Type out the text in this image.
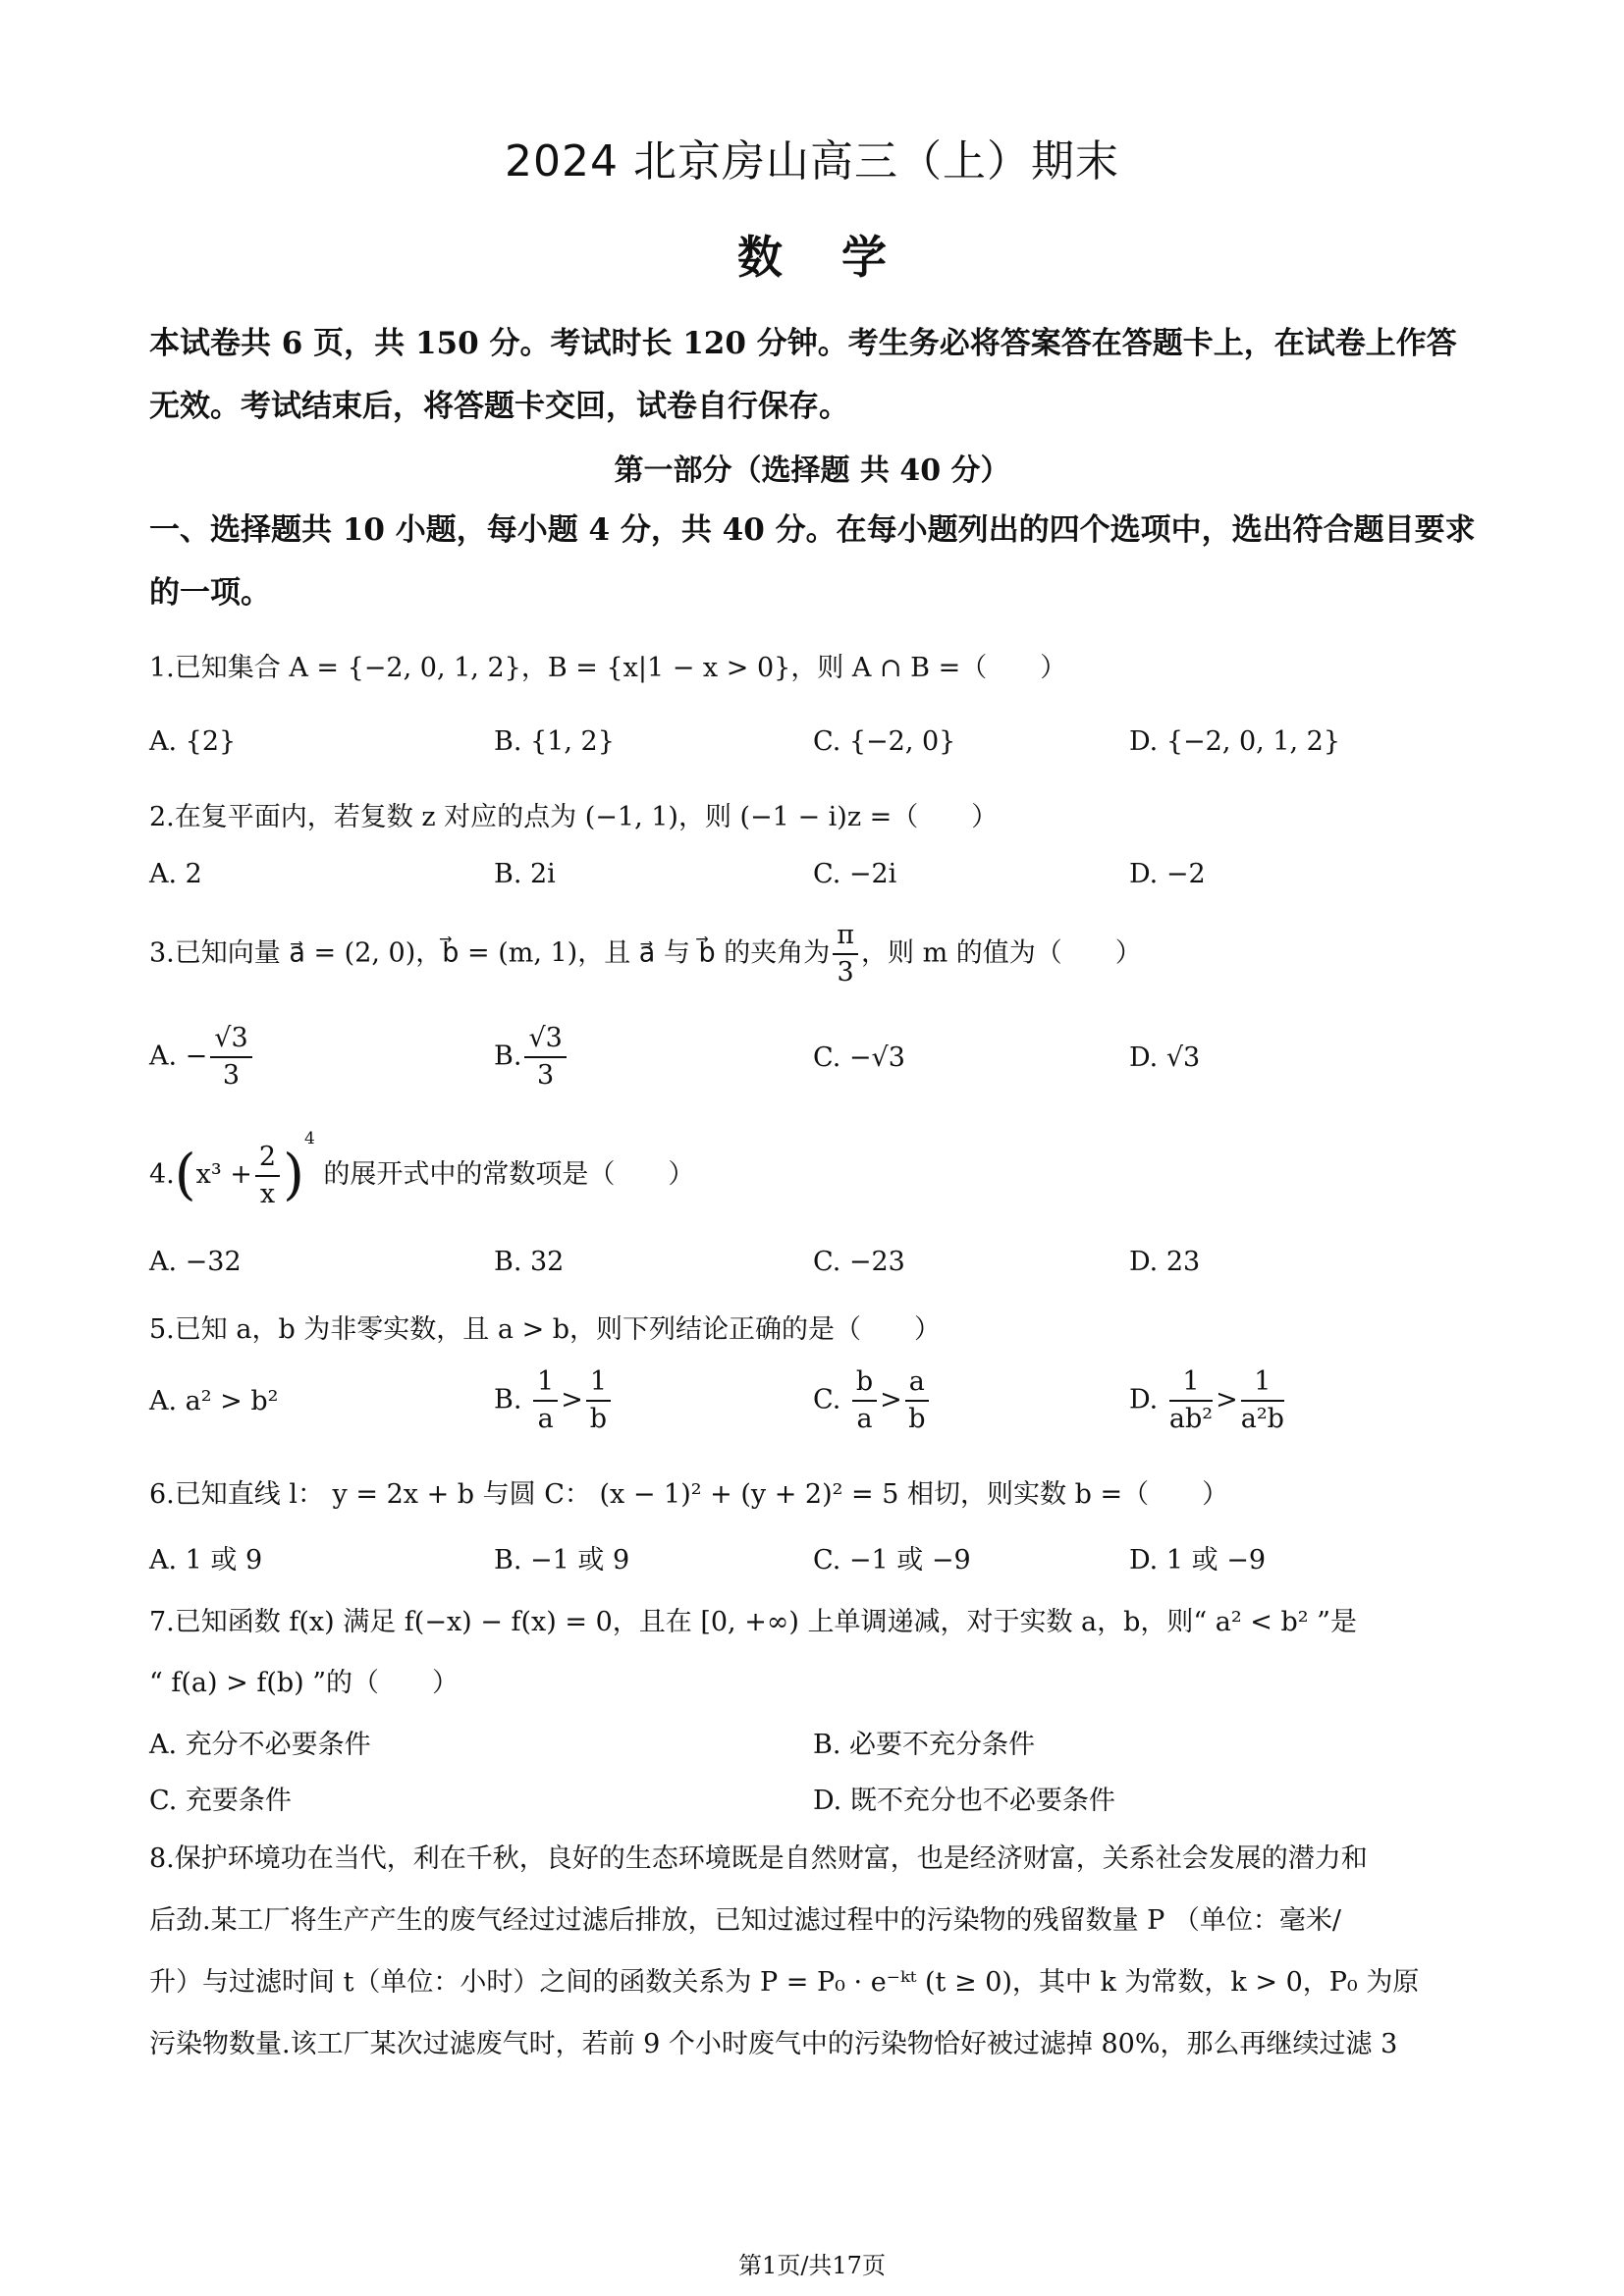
2024 北京房山高三（上）期末
数学
本试卷共 6 页，共 150 分。考试时长 120 分钟。考生务必将答案答在答题卡上，在试卷上作答无效。考试结束后，将答题卡交回，试卷自行保存。
第一部分（选择题 共 40 分）
一、选择题共 10 小题，每小题 4 分，共 40 分。在每小题列出的四个选项中，选出符合题目要求的一项。
1.已知集合 A = {−2, 0, 1, 2}，B = {x|1 − x > 0}，则 A ∩ B =（　　）
A. {2}	B. {1, 2}	C. {−2, 0}	D. {−2, 0, 1, 2}
2.在复平面内，若复数 z 对应的点为 (−1, 1)，则 (−1 − i)z =（　　）
A. 2	B. 2i	C. −2i	D. −2
3.已知向量 a⃗ = (2, 0)，b⃗ = (m, 1)，且 a⃗ 与 b⃗ 的夹角为 $\frac{\pi}{3}$ ，则 m 的值为（　　）
A. − $\frac{√3}{3}$	B. $\frac{√3}{3}$	C. −√3	D. √3
$4.(x^3 + \frac{2}{x} )^4$ 的展开式中的常数项是（　　）
A. −32	B. 32	C. −23	D. 23
5.已知 a，b 为非零实数，且 a > b，则下列结论正确的是（　　）
A. a² > b²	B. $\frac{1}{a} > \frac{1}{b}$	C. $\frac{b}{a} > \frac{a}{b}$	D. $\frac{1}{\text{ab²}} > \frac{1}{\text{a²b}}$
6.已知直线 l： y = 2x + b 与圆 C： (x − 1)² + (y + 2)² = 5 相切，则实数 b =（　　）
A. 1 或 9	B. −1 或 9	C. −1 或 −9	D. 1 或 −9
7.已知函数 f(x) 满足 f(−x) − f(x) = 0，且在 [0, +∞) 上单调递减，对于实数 a，b，则“ a² < b² ”是
“ f(a) > f(b) ”的（　　）
A. 充分不必要条件	B. 必要不充分条件
C. 充要条件	D. 既不充分也不必要条件
8.保护环境功在当代，利在千秋，良好的生态环境既是自然财富，也是经济财富，关系社会发展的潜力和
后劲.某工厂将生产产生的废气经过过滤后排放，已知过滤过程中的污染物的残留数量 P （单位：毫米/
升）与过滤时间 t（单位：小时）之间的函数关系为 P = P₀ · e⁻ᵏᵗ (t ≥ 0)，其中 k 为常数，k > 0，P₀ 为原
污染物数量.该工厂某次过滤废气时，若前 9 个小时废气中的污染物恰好被过滤掉 80%，那么再继续过滤 3
第1页/共17页
